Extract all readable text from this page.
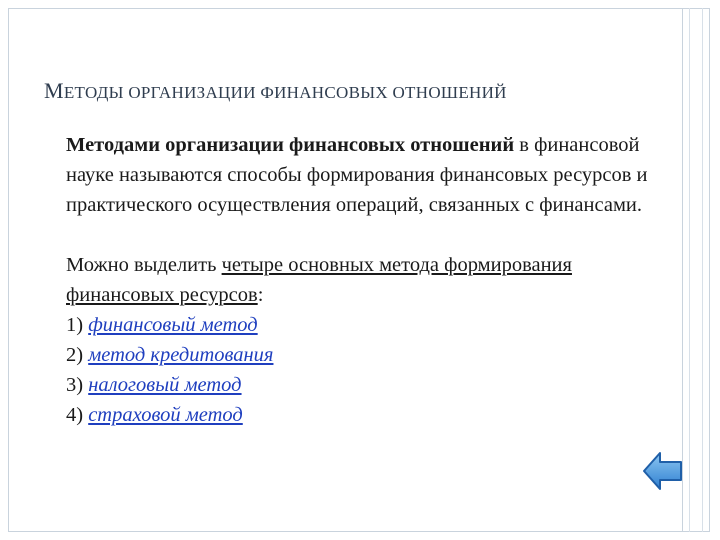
МЕТОДЫ ОРГАНИЗАЦИИ ФИНАНСОВЫХ ОТНОШЕНИЙ

Методами организации финансовых отношений в финансовой науке называются способы формирования финансовых ресурсов и практического осуществления операций, связанных с финансами.

Можно выделить четыре основных метода формирования финансовых ресурсов:
1) финансовый метод
2) метод кредитования
3) налоговый метод
4) страховой метод
